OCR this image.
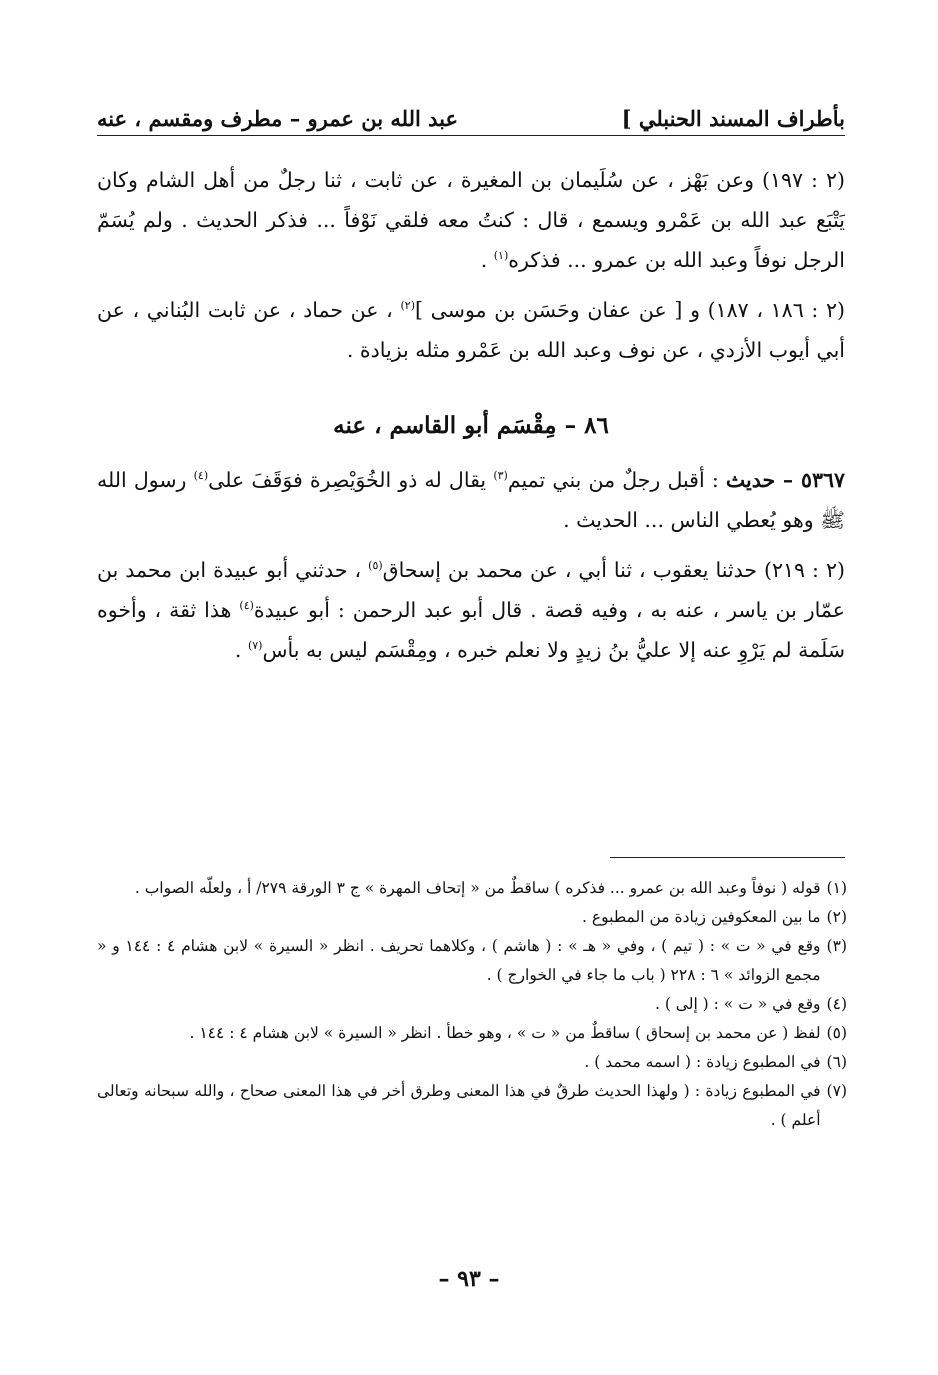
بأطراف المسند الحنبلي ]
عبد الله بن عمرو – مطرف ومقسم ، عنه

(٢ : ١٩٧) وعن بَهْز ، عن سُلَيمان بن المغيرة ، عن ثابت ، ثنا رجلٌ من أهل الشام وكان يَتْبَع عبد الله بن عَمْرو ويسمع ، قال : كنتُ معه فلقي نَوْفاً ... فذكر الحديث . ولم يُسَمّ الرجل نوفاً وعبد الله بن عمرو ... فذكره$^{(١)}$ .

(٢ : ١٨٦ ، ١٨٧) و [ عن عفان وحَسَن بن موسى ]$^{(٢)}$ ، عن حماد ، عن ثابت البُناني ، عن أبي أيوب الأزدي ، عن نوف وعبد الله بن عَمْرو مثله بزيادة .

٨٦ – مِقْسَم أبو القاسم ، عنه

٥٣٦٧ – حديث : أقبل رجلٌ من بني تميم$^{(٣)}$ يقال له ذو الخُوَيْصِرة فوَقَفَ على$^{(٤)}$ رسول الله ﷺ وهو يُعطي الناس ... الحديث .

(٢ : ٢١٩) حدثنا يعقوب ، ثنا أبي ، عن محمد بن إسحاق$^{(٥)}$ ، حدثني أبو عبيدة ابن محمد بن عمّار بن ياسر ، عنه به ، وفيه قصة . قال أبو عبد الرحمن : أبو عبيدة$^{(٤)}$ هذا ثقة ، وأخوه سَلَمة لم يَرْوِ عنه إلا عليُّ بنُ زيدٍ ولا نعلم خبره ، ومِقْسَم ليس به بأس$^{(٧)}$ .

(١)
قوله ( نوفاً وعبد الله بن عمرو ... فذكره ) ساقطٌ من « إتحاف المهرة » ج ٣ الورقة ٢٧٩/ أ ، ولعلّه الصواب .
(٢)
ما بين المعكوفين زيادة من المطبوع .
(٣)
وقع في « ت » : ( تيم ) ، وفي « هـ » : ( هاشم ) ، وكلاهما تحريف . انظر « السيرة » لابن هشام ٤ : ١٤٤ و « مجمع الزوائد » ٦ : ٢٢٨ ( باب ما جاء في الخوارج ) .
(٤)
وقع في « ت » : ( إلى ) .
(٥)
لفظ ( عن محمد بن إسحاق ) ساقطٌ من « ت » ، وهو خطأ . انظر « السيرة » لابن هشام ٤ : ١٤٤ .
(٦)
في المطبوع زيادة : ( اسمه محمد ) .
(٧)
في المطبوع زيادة : ( ولهذا الحديث طرقٌ في هذا المعنى وطرق أخر في هذا المعنى صحاح ، والله سبحانه وتعالى أعلم ) .
– ٩٣ –
